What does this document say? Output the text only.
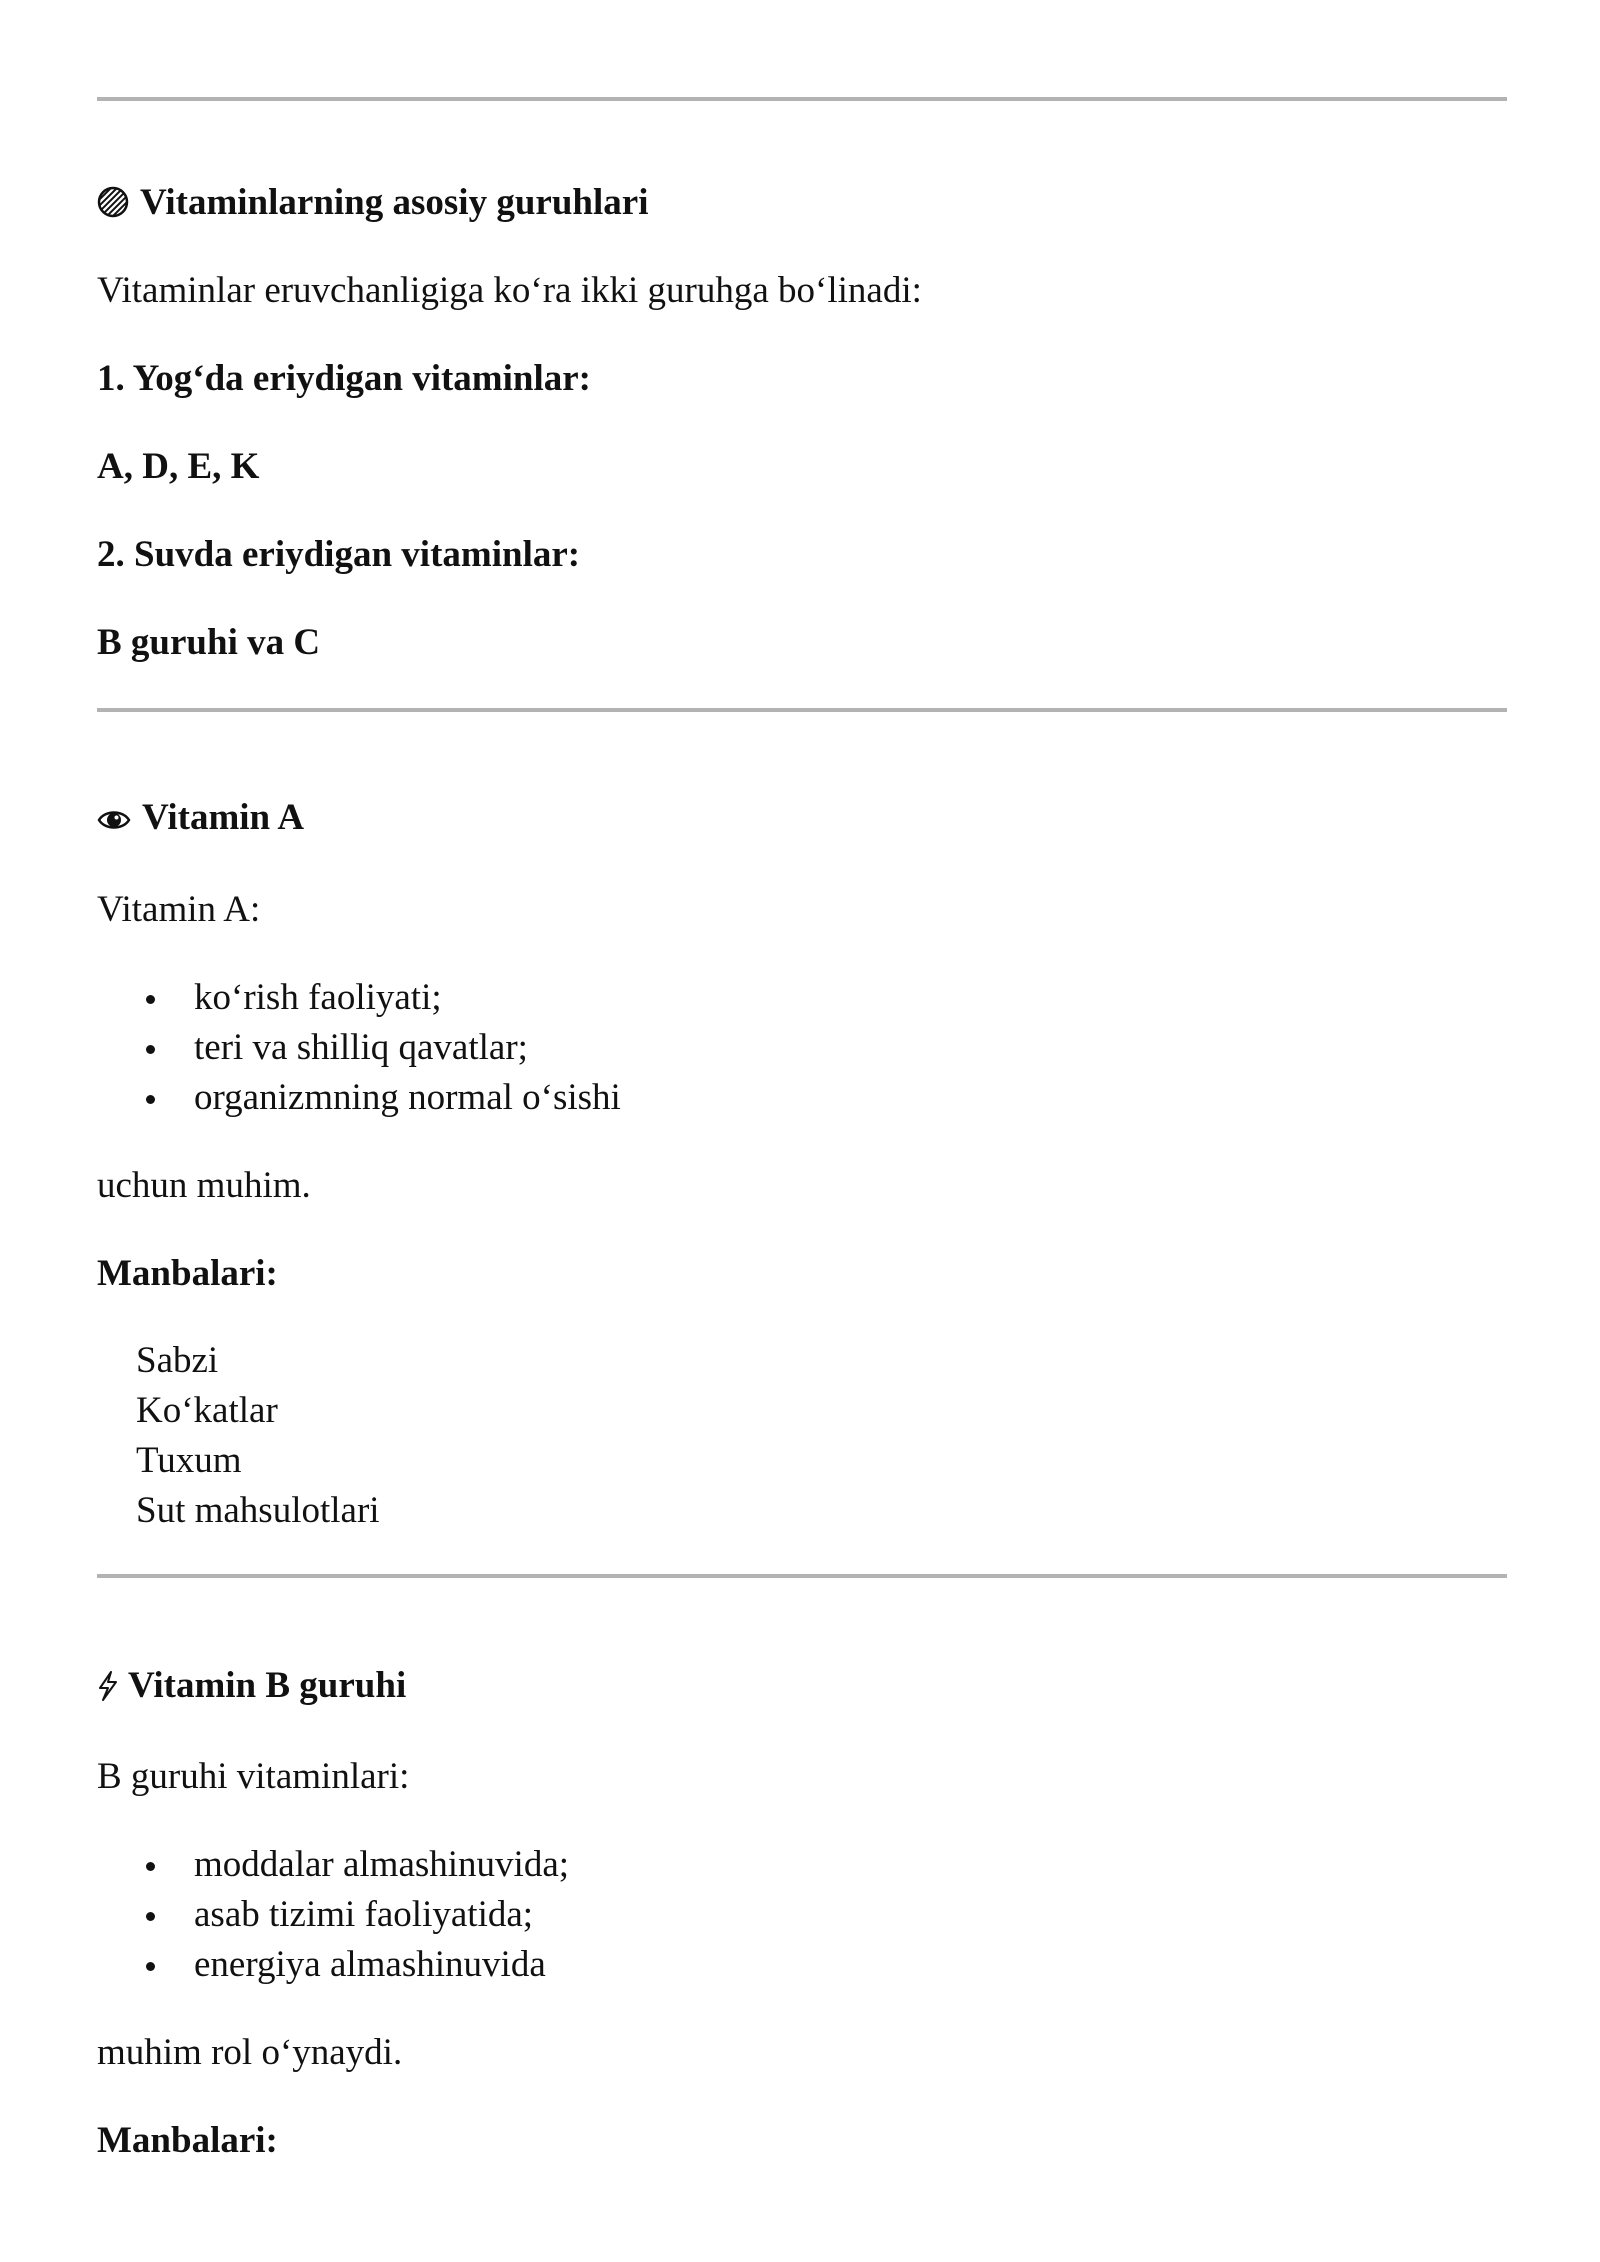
Vitaminlarning asosiy guruhlari
Vitaminlar eruvchanligiga koʻra ikki guruhga boʻlinadi:
1. Yogʻda eriydigan vitaminlar:
A, D, E, K
2. Suvda eriydigan vitaminlar:
B guruhi va C
Vitamin A
Vitamin A:
koʻrish faoliyati;
teri va shilliq qavatlar;
organizmning normal oʻsishi
uchun muhim.
Manbalari:
Sabzi
Koʻkatlar
Tuxum
Sut mahsulotlari
Vitamin B guruhi
B guruhi vitaminlari:
moddalar almashinuvida;
asab tizimi faoliyatida;
energiya almashinuvida
muhim rol oʻynaydi.
Manbalari:
